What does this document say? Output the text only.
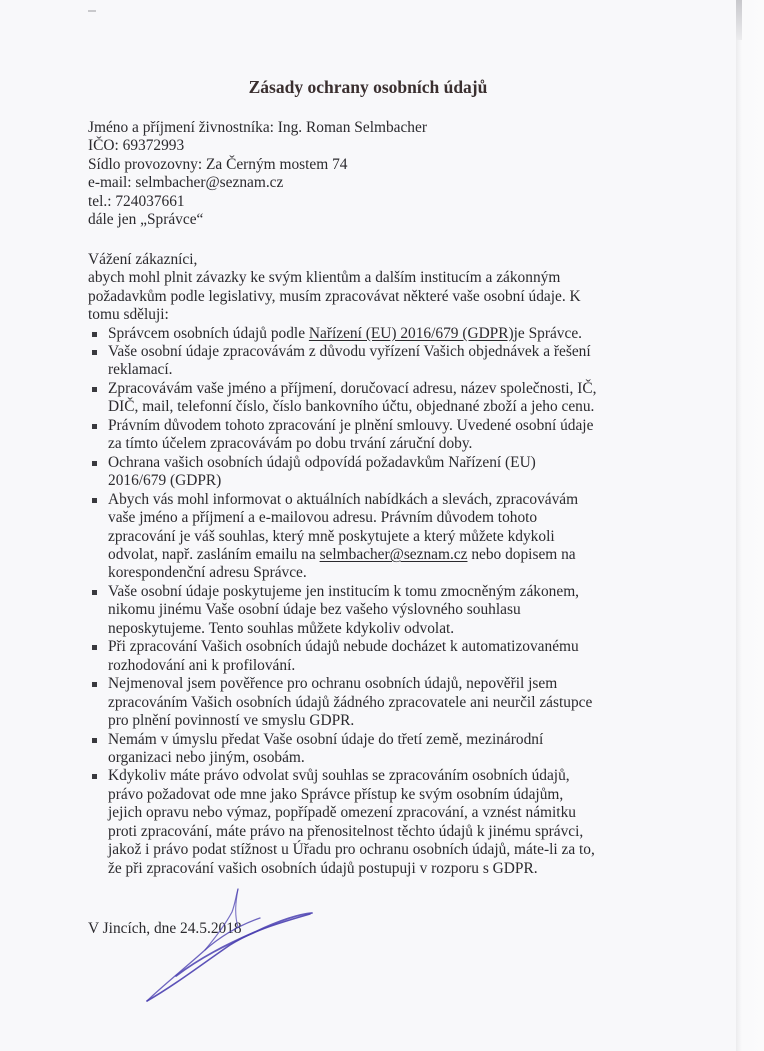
Zásady ochrany osobních údajů
Jméno a příjmení živnostníka: Ing. Roman Selmbacher
IČO: 69372993
Sídlo provozovny: Za Černým mostem 74
e-mail: selmbacher@seznam.cz
tel.: 724037661
dále jen „Správce“
Vážení zákazníci,
abych mohl plnit závazky ke svým klientům a dalším institucím a zákonným
požadavkům podle legislativy, musím zpracovávat některé vaše osobní údaje. K
tomu sděluji:
Správcem osobních údajů podle Nařízení (EU) 2016/679 (GDPR)je Správce.
Vaše osobní údaje zpracovávám z důvodu vyřízení Vašich objednávek a řešení
reklamací.
Zpracovávám vaše jméno a příjmení, doručovací adresu, název společnosti, IČ,
DIČ, mail, telefonní číslo, číslo bankovního účtu, objednané zboží a jeho cenu.
Právním důvodem tohoto zpracování je plnění smlouvy. Uvedené osobní údaje
za tímto účelem zpracovávám po dobu trvání záruční doby.
Ochrana vašich osobních údajů odpovídá požadavkům Nařízení (EU)
2016/679 (GDPR)
Abych vás mohl informovat o aktuálních nabídkách a slevách, zpracovávám
vaše jméno a příjmení a e-mailovou adresu. Právním důvodem tohoto
zpracování je váš souhlas, který mně poskytujete a který můžete kdykoli
odvolat, např. zasláním emailu na selmbacher@seznam.cz nebo dopisem na
korespondenční adresu Správce.
Vaše osobní údaje poskytujeme jen institucím k tomu zmocněným zákonem,
nikomu jinému Vaše osobní údaje bez vašeho výslovného souhlasu
neposkytujeme. Tento souhlas můžete kdykoliv odvolat.
Při zpracování Vašich osobních údajů nebude docházet k automatizovanému
rozhodování ani k profilování.
Nejmenoval jsem pověřence pro ochranu osobních údajů, nepověřil jsem
zpracováním Vašich osobních údajů žádného zpracovatele ani neurčil zástupce
pro plnění povinností ve smyslu GDPR.
Nemám v úmyslu předat Vaše osobní údaje do třetí země, mezinárodní
organizaci nebo jiným, osobám.
Kdykoliv máte právo odvolat svůj souhlas se zpracováním osobních údajů,
právo požadovat ode mne jako Správce přístup ke svým osobním údajům,
jejich opravu nebo výmaz, popřípadě omezení zpracování, a vznést námitku
proti zpracování, máte právo na přenositelnost těchto údajů k jinému správci,
jakož i právo podat stížnost u Úřadu pro ochranu osobních údajů, máte-li za to,
že při zpracování vašich osobních údajů postupuji v rozporu s GDPR.
V Jincích, dne 24.5.2018
